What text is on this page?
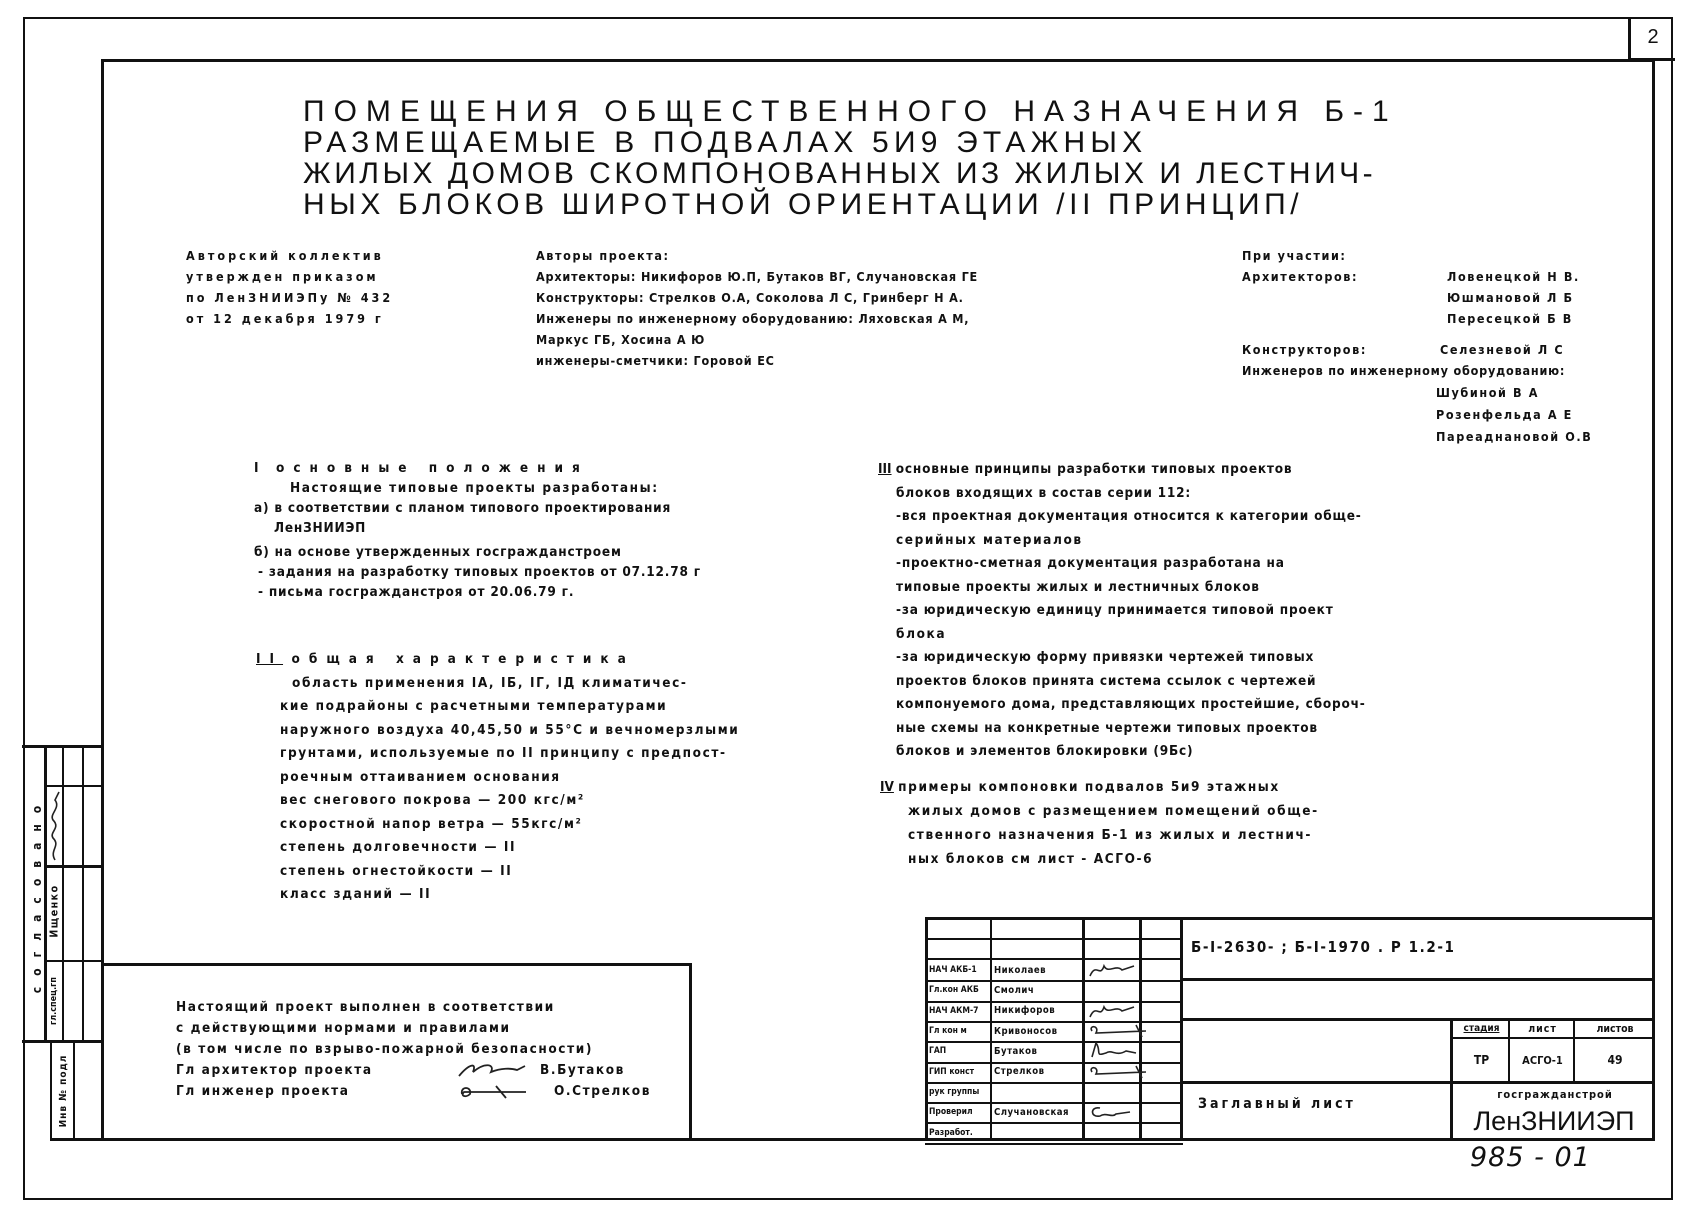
2
ПОМЕЩЕНИЯ ОБЩЕСТВЕННОГО НАЗНАЧЕНИЯ Б-1
РАЗМЕЩАЕМЫЕ В ПОДВАЛАХ 5И9 ЭТАЖНЫХ
ЖИЛЫХ ДОМОВ СКОМПОНОВАННЫХ ИЗ ЖИЛЫХ И ЛЕСТНИЧ-
НЫХ БЛОКОВ ШИРОТНОЙ ОРИЕНТАЦИИ /II ПРИНЦИП/
Авторский коллектив
утвержден приказом
по ЛенЗНИИЭПу № 432
от 12 декабря 1979 г
Авторы проекта:
Архитекторы: Никифоров Ю.П, Бутаков ВГ, Случановская ГЕ
Конструкторы: Стрелков О.А, Соколова Л С, Гринберг Н А.
Инженеры по инженерному оборудованию: Ляховская А М,
Маркус ГБ, Хосина А Ю
инженеры-сметчики: Горовой ЕС
При участии:
Архитекторов:	Ловенецкой Н В.
Юшмановой Л Б
Пересецкой Б В
Конструкторов:	Селезневой Л С
Инженеров по инженерному оборудованию:
Шубиной В А
Розенфельда А Е
Пареаднановой О.В
I основные положения
Настоящие типовые проекты разработаны:
а) в соответствии с планом типового проектирования
ЛенЗНИИЭП
б) на основе утвержденных госгражданстроем
- задания на разработку типовых проектов от 07.12.78 г
- письма госгражданстроя от 20.06.79 г.
II общая характеристика
область применения IА, IБ, IГ, IД климатичес-
кие подрайоны с расчетными температурами
наружного воздуха 40,45,50 и 55°С и вечномерзлыми
грунтами, используемые по II принципу с предпост-
роечным оттаиванием основания
вес снегового покрова — 200 кгс/м²
скоростной напор ветра — 55кгс/м²
степень долговечности — II
степень огнестойкости — II
класс зданий — II
III основные принципы разработки типовых проектов
блоков входящих в состав серии 112:
-вся проектная документация относится к категории обще-
серийных материалов
-проектно-сметная документация разработана на
типовые проекты жилых и лестничных блоков
-за юридическую единицу принимается типовой проект
блока
-за юридическую форму привязки чертежей типовых
проектов блоков принята система ссылок с чертежей
компонуемого дома, представляющих простейшие, сбороч-
ные схемы на конкретные чертежи типовых проектов
блоков и элементов блокировки (9Бс)
IV примеры компоновки подвалов 5и9 этажных
жилых домов с размещением помещений обще-
ственного назначения Б-1 из жилых и лестнич-
ных блоков см лист - АСГО-6
Настоящий проект выполнен в соответствии
с действующими нормами и правилами
(в том числе по взрыво-пожарной безопасности)
Гл архитектор проекта	В.Бутаков
Гл инженер проекта	О.Стрелков
согласовано Ищенко
гл.спец.гп
Инв № подл
НАЧ АКБ-1	Николаев
Гл.кон АКБ	Смолич
НАЧ АКМ-7	Никифоров
Гл кон м	Кривоносов
ГАП	Бутаков
ГИП конст	Стрелков
рук группы
Проверил	Случановская
Разработ.
Б-I-2630- ; Б-I-1970 . Р 1.2-1
стадия	лист	листов
ТР	АСГО-1	49
Заглавный лист
госгражданстрой
ЛенЗНИИЭП
985 - 01
